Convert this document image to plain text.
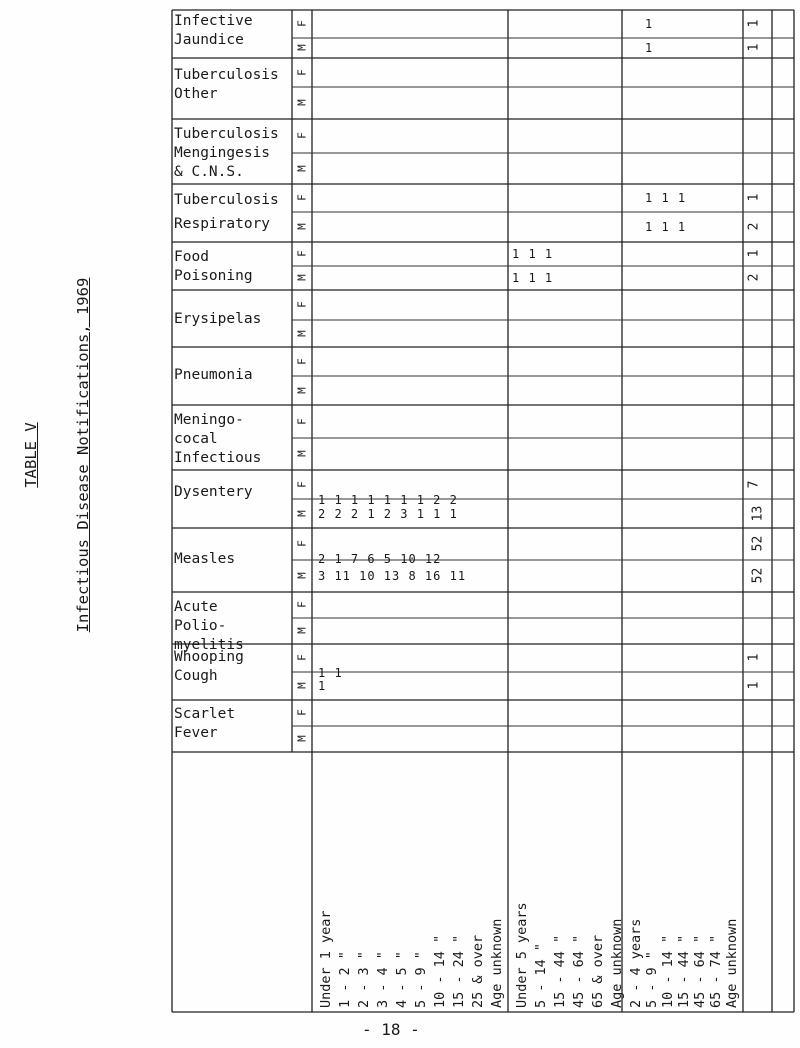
TABLE V Infectious Disease Notifications, 1969
Infective
Jaundice
Tuberculosis
Other
Tuberculosis
Mengingesis
& C.N.S.
Tuberculosis
Respiratory
Food
Poisoning
Erysipelas
Pneumonia
Meningo-
cocal
Infectious
Dysentery
Measles
Acute
Polio-
myelitis
Whooping
Cough
Scarlet
Fever
F
M
F
M
F
M
F
M
F
M
F
M
F
M
F
M
F
M
F
M
F
M
F
M
F
M
1
1
1
1
1 1 1
1 1 1
1
2
1 1 1
1 1 1
1
2
1 1 1 1 1 1 1 2 2
2 2 2 1 2 3 1 1 1
7
13
2 1 7 6 5 10 12
3 11 10 13 8 16 11
52
52
1 1
1
1
1
Under 1 year 1 - 2 " 2 - 3 " 3 - 4 " 4 - 5 " 5 - 9 " 10 - 14 " 15 - 24 " 25 & over Age unknown Under 5 years 5 - 14 " 15 - 44 " 45 - 64 " 65 & over Age unknown 2 - 4 years 5 - 9 " 10 - 14 " 15 - 44 " 45 - 64 " 65 - 74 " Age unknown
- 18 -
